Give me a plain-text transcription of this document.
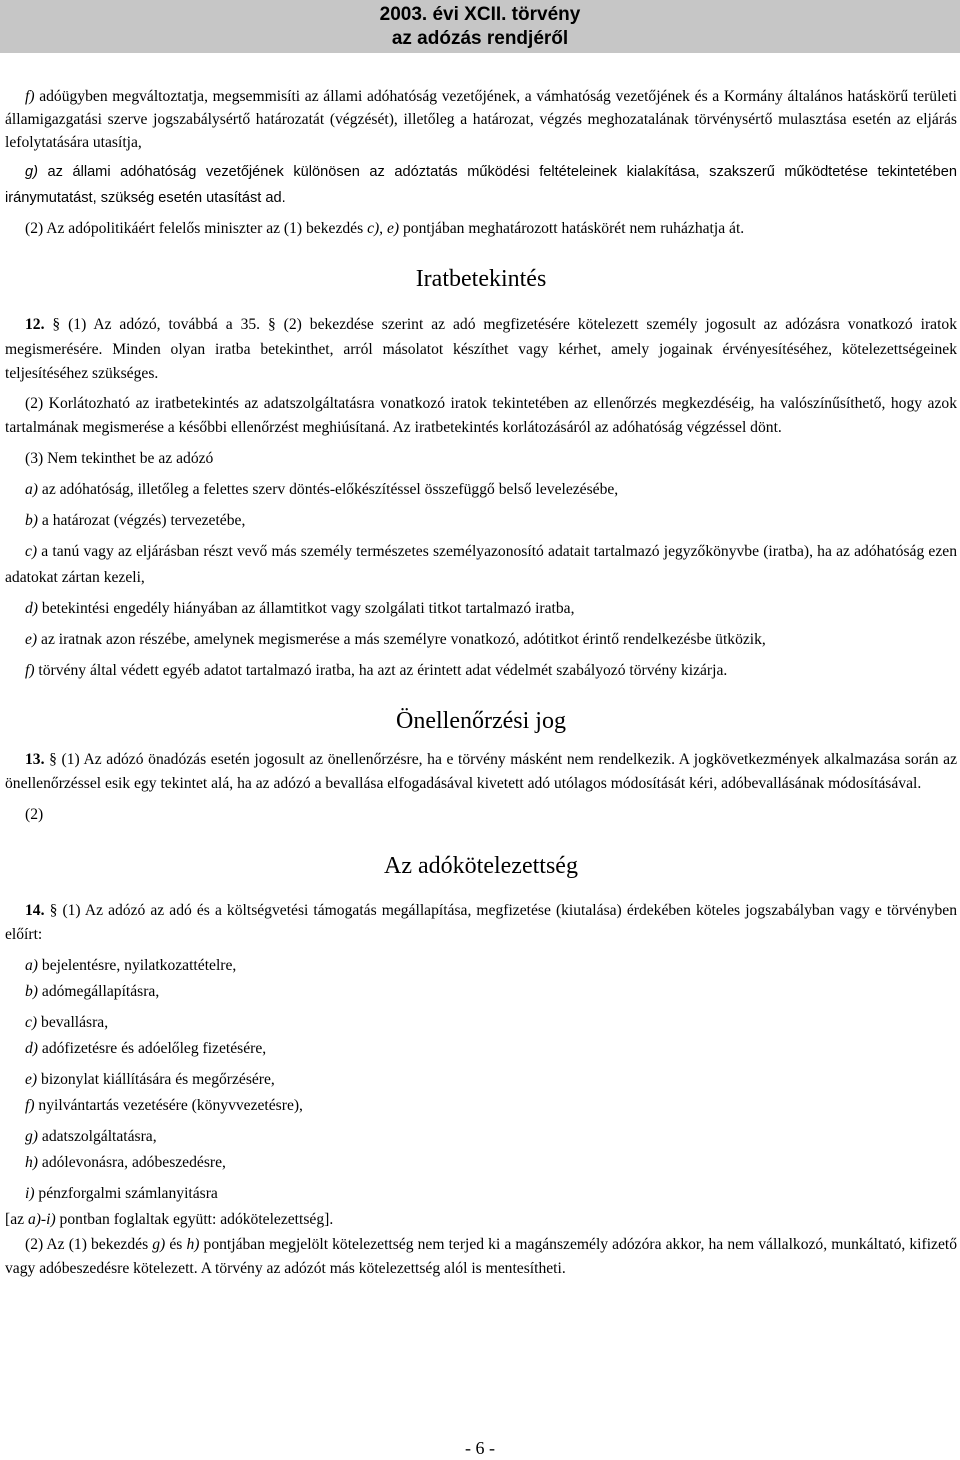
2003. évi XCII. törvény
az adózás rendjéről

f) adóügyben megváltoztatja, megsemmisíti az állami adóhatóság vezetőjének, a vámhatóság vezetőjének és a Kormány általános hatáskörű területi államigazgatási szerve jogszabálysértő határozatát (végzését), illetőleg a határozat, végzés meghozatalának törvénysértő mulasztása esetén az eljárás lefolytatására utasítja,

g) az állami adóhatóság vezetőjének különösen az adóztatás működési feltételeinek kialakítása, szakszerű működtetése tekintetében iránymutatást, szükség esetén utasítást ad.

(2) Az adópolitikáért felelős miniszter az (1) bekezdés c), e) pontjában meghatározott hatáskörét nem ruházhatja át.

Iratbetekintés

12. § (1) Az adózó, továbbá a 35. § (2) bekezdése szerint az adó megfizetésére kötelezett személy jogosult az adózásra vonatkozó iratok megismerésére. Minden olyan iratba betekinthet, arról másolatot készíthet vagy kérhet, amely jogainak érvényesítéséhez, kötelezettségeinek teljesítéséhez szükséges.

(2) Korlátozható az iratbetekintés az adatszolgáltatásra vonatkozó iratok tekintetében az ellenőrzés megkezdéséig, ha valószínűsíthető, hogy azok tartalmának megismerése a későbbi ellenőrzést meghiúsítaná. Az iratbetekintés korlátozásáról az adóhatóság végzéssel dönt.

(3) Nem tekinthet be az adózó

a) az adóhatóság, illetőleg a felettes szerv döntés-előkészítéssel összefüggő belső levelezésébe,

b) a határozat (végzés) tervezetébe,

c) a tanú vagy az eljárásban részt vevő más személy természetes személyazonosító adatait tartalmazó jegyzőkönyvbe (iratba), ha az adóhatóság ezen adatokat zártan kezeli,

d) betekintési engedély hiányában az államtitkot vagy szolgálati titkot tartalmazó iratba,

e) az iratnak azon részébe, amelynek megismerése a más személyre vonatkozó, adótitkot érintő rendelkezésbe ütközik,

f) törvény által védett egyéb adatot tartalmazó iratba, ha azt az érintett adat védelmét szabályozó törvény kizárja.

Önellenőrzési jog

13. § (1) Az adózó önadózás esetén jogosult az önellenőrzésre, ha e törvény másként nem rendelkezik. A jogkövetkezmények alkalmazása során az önellenőrzéssel esik egy tekintet alá, ha az adózó a bevallása elfogadásával kivetett adó utólagos módosítását kéri, adóbevallásának módosításával.

(2)

Az adókötelezettség

14. § (1) Az adózó az adó és a költségvetési támogatás megállapítása, megfizetése (kiutalása) érdekében köteles jogszabályban vagy e törvényben előírt:

a) bejelentésre, nyilatkozattételre,

b) adómegállapításra,

c) bevallásra,

d) adófizetésre és adóelőleg fizetésére,

e) bizonylat kiállítására és megőrzésére,

f) nyilvántartás vezetésére (könyvvezetésre),

g) adatszolgáltatásra,

h) adólevonásra, adóbeszedésre,

i) pénzforgalmi számlanyitásra

[az a)-i) pontban foglaltak együtt: adókötelezettség].

(2) Az (1) bekezdés g) és h) pontjában megjelölt kötelezettség nem terjed ki a magánszemély adózóra akkor, ha nem vállalkozó, munkáltató, kifizető vagy adóbeszedésre kötelezett. A törvény az adózót más kötelezettség alól is mentesítheti.

- 6 -
